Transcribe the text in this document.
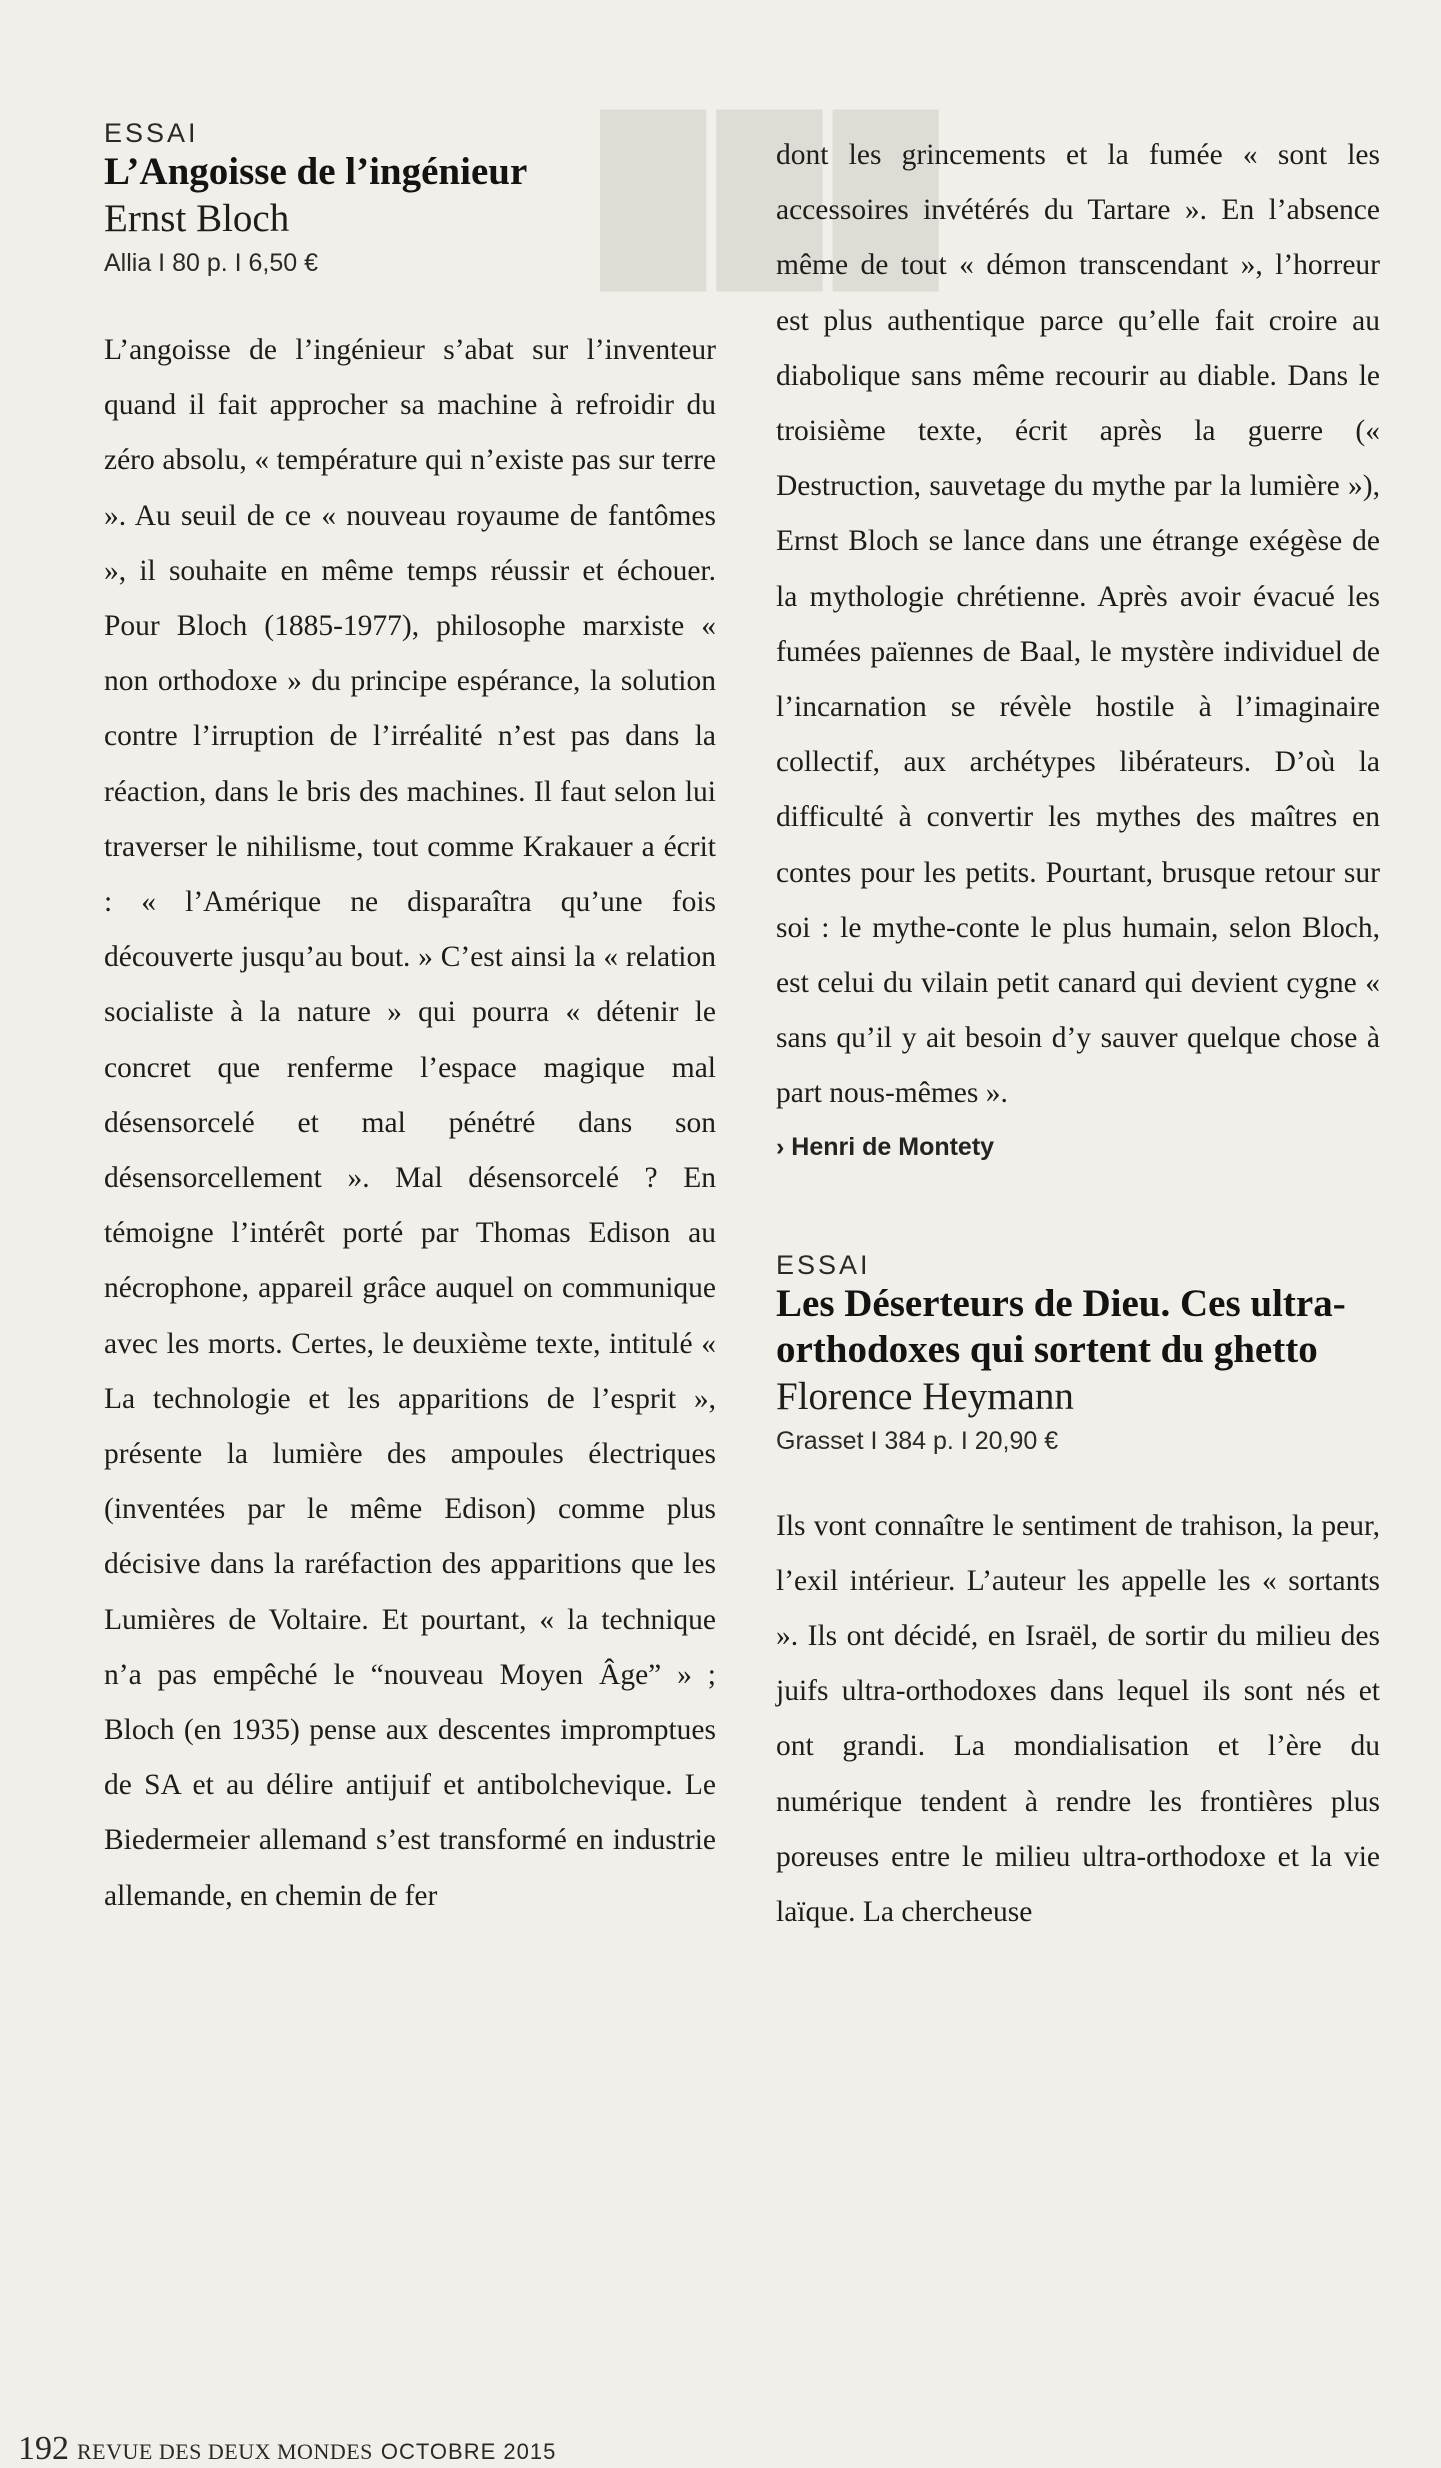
███

ESSAI

L’Angoisse de l’ingénieur

Ernst Bloch

Allia I 80 p. I 6,50 €

L’angoisse de l’ingénieur s’abat sur l’inventeur quand il fait approcher sa machine à refroidir du zéro absolu, « température qui n’existe pas sur terre ». Au seuil de ce « nouveau royaume de fantômes », il souhaite en même temps réussir et échouer. Pour Bloch (1885-1977), philosophe marxiste « non orthodoxe » du principe espérance, la solution contre l’irruption de l’irréalité n’est pas dans la réaction, dans le bris des machines. Il faut selon lui traverser le nihilisme, tout comme Krakauer a écrit : « l’Amérique ne disparaîtra qu’une fois découverte jusqu’au bout. » C’est ainsi la « relation socialiste à la nature » qui pourra « détenir le concret que renferme l’espace magique mal désensorcelé et mal pénétré dans son désensorcellement ». Mal désensorcelé ? En témoigne l’intérêt porté par Thomas Edison au nécrophone, appareil grâce auquel on communique avec les morts. Certes, le deuxième texte, intitulé « La technologie et les apparitions de l’esprit », présente la lumière des ampoules électriques (inventées par le même Edison) comme plus décisive dans la raréfaction des apparitions que les Lumières de Voltaire. Et pourtant, « la technique n’a pas empêché le “nouveau Moyen Âge” » ; Bloch (en 1935) pense aux descentes impromptues de SA et au délire antijuif et antibolchevique. Le Biedermeier allemand s’est transformé en industrie allemande, en chemin de fer

dont les grincements et la fumée « sont les accessoires invétérés du Tartare ». En l’absence même de tout « démon transcendant », l’horreur est plus authentique parce qu’elle fait croire au diabolique sans même recourir au diable. Dans le troisième texte, écrit après la guerre (« Destruction, sauvetage du mythe par la lumière »), Ernst Bloch se lance dans une étrange exégèse de la mythologie chrétienne. Après avoir évacué les fumées païennes de Baal, le mystère individuel de l’incarnation se révèle hostile à l’imaginaire collectif, aux archétypes libérateurs. D’où la difficulté à convertir les mythes des maîtres en contes pour les petits. Pourtant, brusque retour sur soi : le mythe-conte le plus humain, selon Bloch, est celui du vilain petit canard qui devient cygne « sans qu’il y ait besoin d’y sauver quelque chose à part nous-mêmes ».

› Henri de Montety

ESSAI

Les Déserteurs de Dieu. Ces ultra-orthodoxes qui sortent du ghetto

Florence Heymann

Grasset I 384 p. I 20,90 €

Ils vont connaître le sentiment de trahison, la peur, l’exil intérieur. L’auteur les appelle les « sortants ». Ils ont décidé, en Israël, de sortir du milieu des juifs ultra-orthodoxes dans lequel ils sont nés et ont grandi. La mondialisation et l’ère du numérique tendent à rendre les frontières plus poreuses entre le milieu ultra-orthodoxe et la vie laïque. La chercheuse

192 REVUE DES DEUX MONDES OCTOBRE 2015
